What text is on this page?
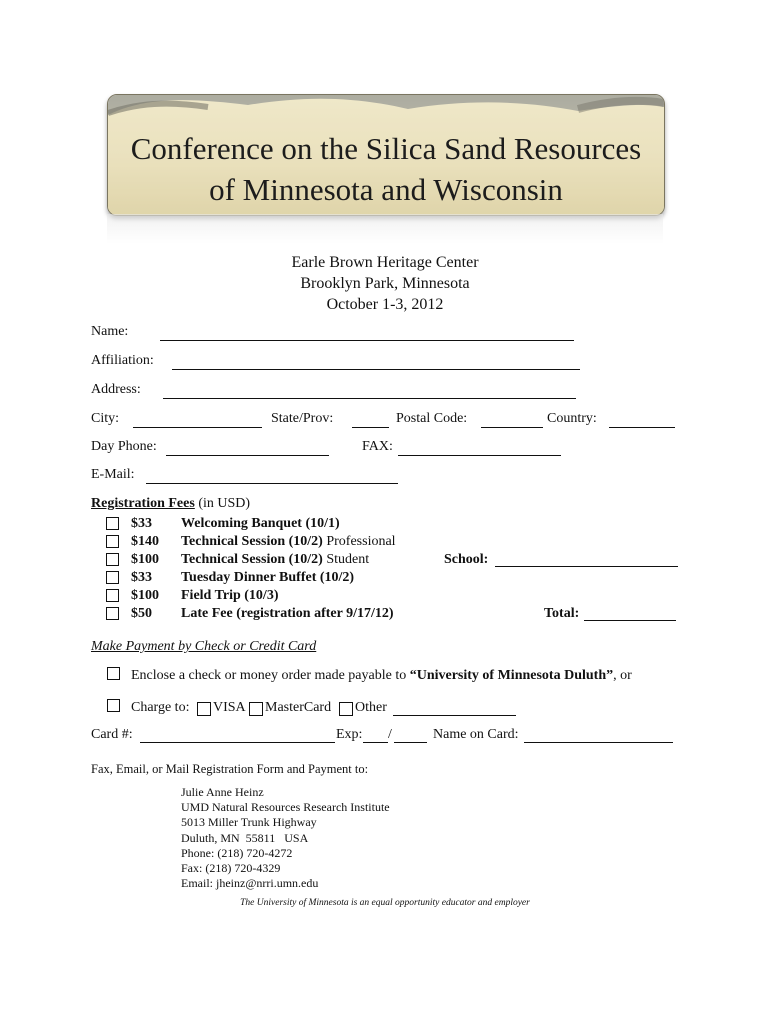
Conference on the Silica Sand Resources
of Minnesota and Wisconsin
Earle Brown Heritage Center
Brooklyn Park, Minnesota
October 1-3, 2012
Name:
Affiliation:
Address:
City:	State/Prov:	Postal Code:	Country:
Day Phone:	FAX:
E-Mail:
Registration Fees (in USD)
$33 Welcoming Banquet (10/1)
$140 Technical Session (10/2) Professional
$100 Technical Session (10/2) Student	School:
$33 Tuesday Dinner Buffet (10/2)
$100 Field Trip (10/3)
$50 Late Fee (registration after 9/17/12)	Total:
Make Payment by Check or Credit Card
Enclose a check or money order made payable to “University of Minnesota Duluth”, or
Charge to: VISA MasterCard Other
Card #:	Exp: /	Name on Card:
Fax, Email, or Mail Registration Form and Payment to:
Julie Anne Heinz
UMD Natural Resources Research Institute
5013 Miller Trunk Highway
Duluth, MN  55811   USA
Phone: (218) 720-4272
Fax: (218) 720-4329
Email: jheinz@nrri.umn.edu
The University of Minnesota is an equal opportunity educator and employer
